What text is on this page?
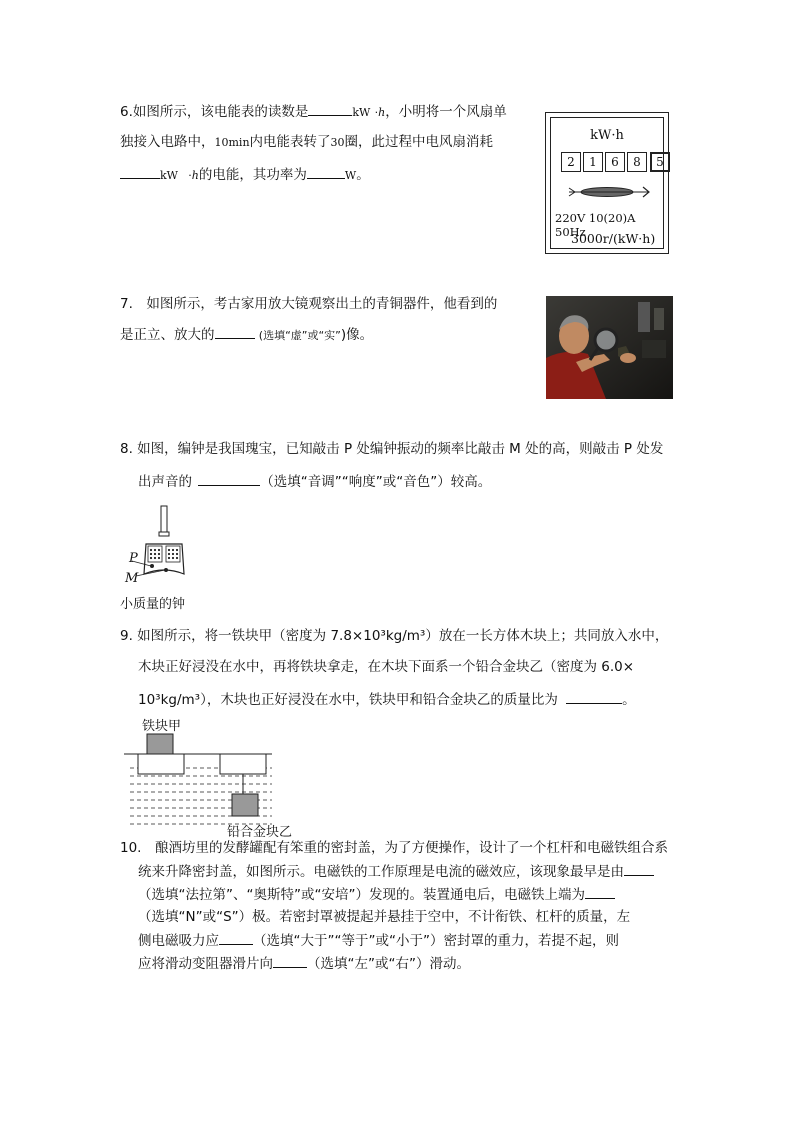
6.如图所示，该电能表的读数是	kW ·h，小明将一个风扇单
独接入电路中，10min内电能表转了30圈，此过程中电风扇消耗
kW ·h的电能，其功率为	W。
kW·h
2	1	6	8	5
220V 10(20)A 50Hz
3000r/(kW·h)
7.　如图所示，考古家用放大镜观察出土的青铜器件，他看到的
是正立、放大的	(选填“虚”或“实”)像。
8. 如图，编钟是我国瑰宝，已知敲击 P 处编钟振动的频率比敲击 M 处的高，则敲击 P 处发
出声音的	（选填“音调”“响度”或“音色”）较高。
P
M
小质量的钟
9. 如图所示，将一铁块甲（密度为 7.8×10³kg/m³）放在一长方体木块上；共同放入水中，
木块正好浸没在水中，再将铁块拿走，在木块下面系一个铅合金块乙（密度为 6.0×
10³kg/m³），木块也正好浸没在水中，铁块甲和铅合金块乙的质量比为	。
铁块甲
铅合金块乙
10.　酿酒坊里的发酵罐配有笨重的密封盖，为了方便操作，设计了一个杠杆和电磁铁组合系
统来升降密封盖，如图所示。电磁铁的工作原理是电流的磁效应，该现象最早是由
（选填“法拉第”、“奥斯特”或“安培”）发现的。装置通电后，电磁铁上端为
（选填“N”或“S”）极。若密封罩被提起并悬挂于空中，不计衔铁、杠杆的质量，左
侧电磁吸力应	（选填“大于”“等于”或“小于”）密封罩的重力，若提不起，则
应将滑动变阻器滑片向	（选填“左”或“右”）滑动。
